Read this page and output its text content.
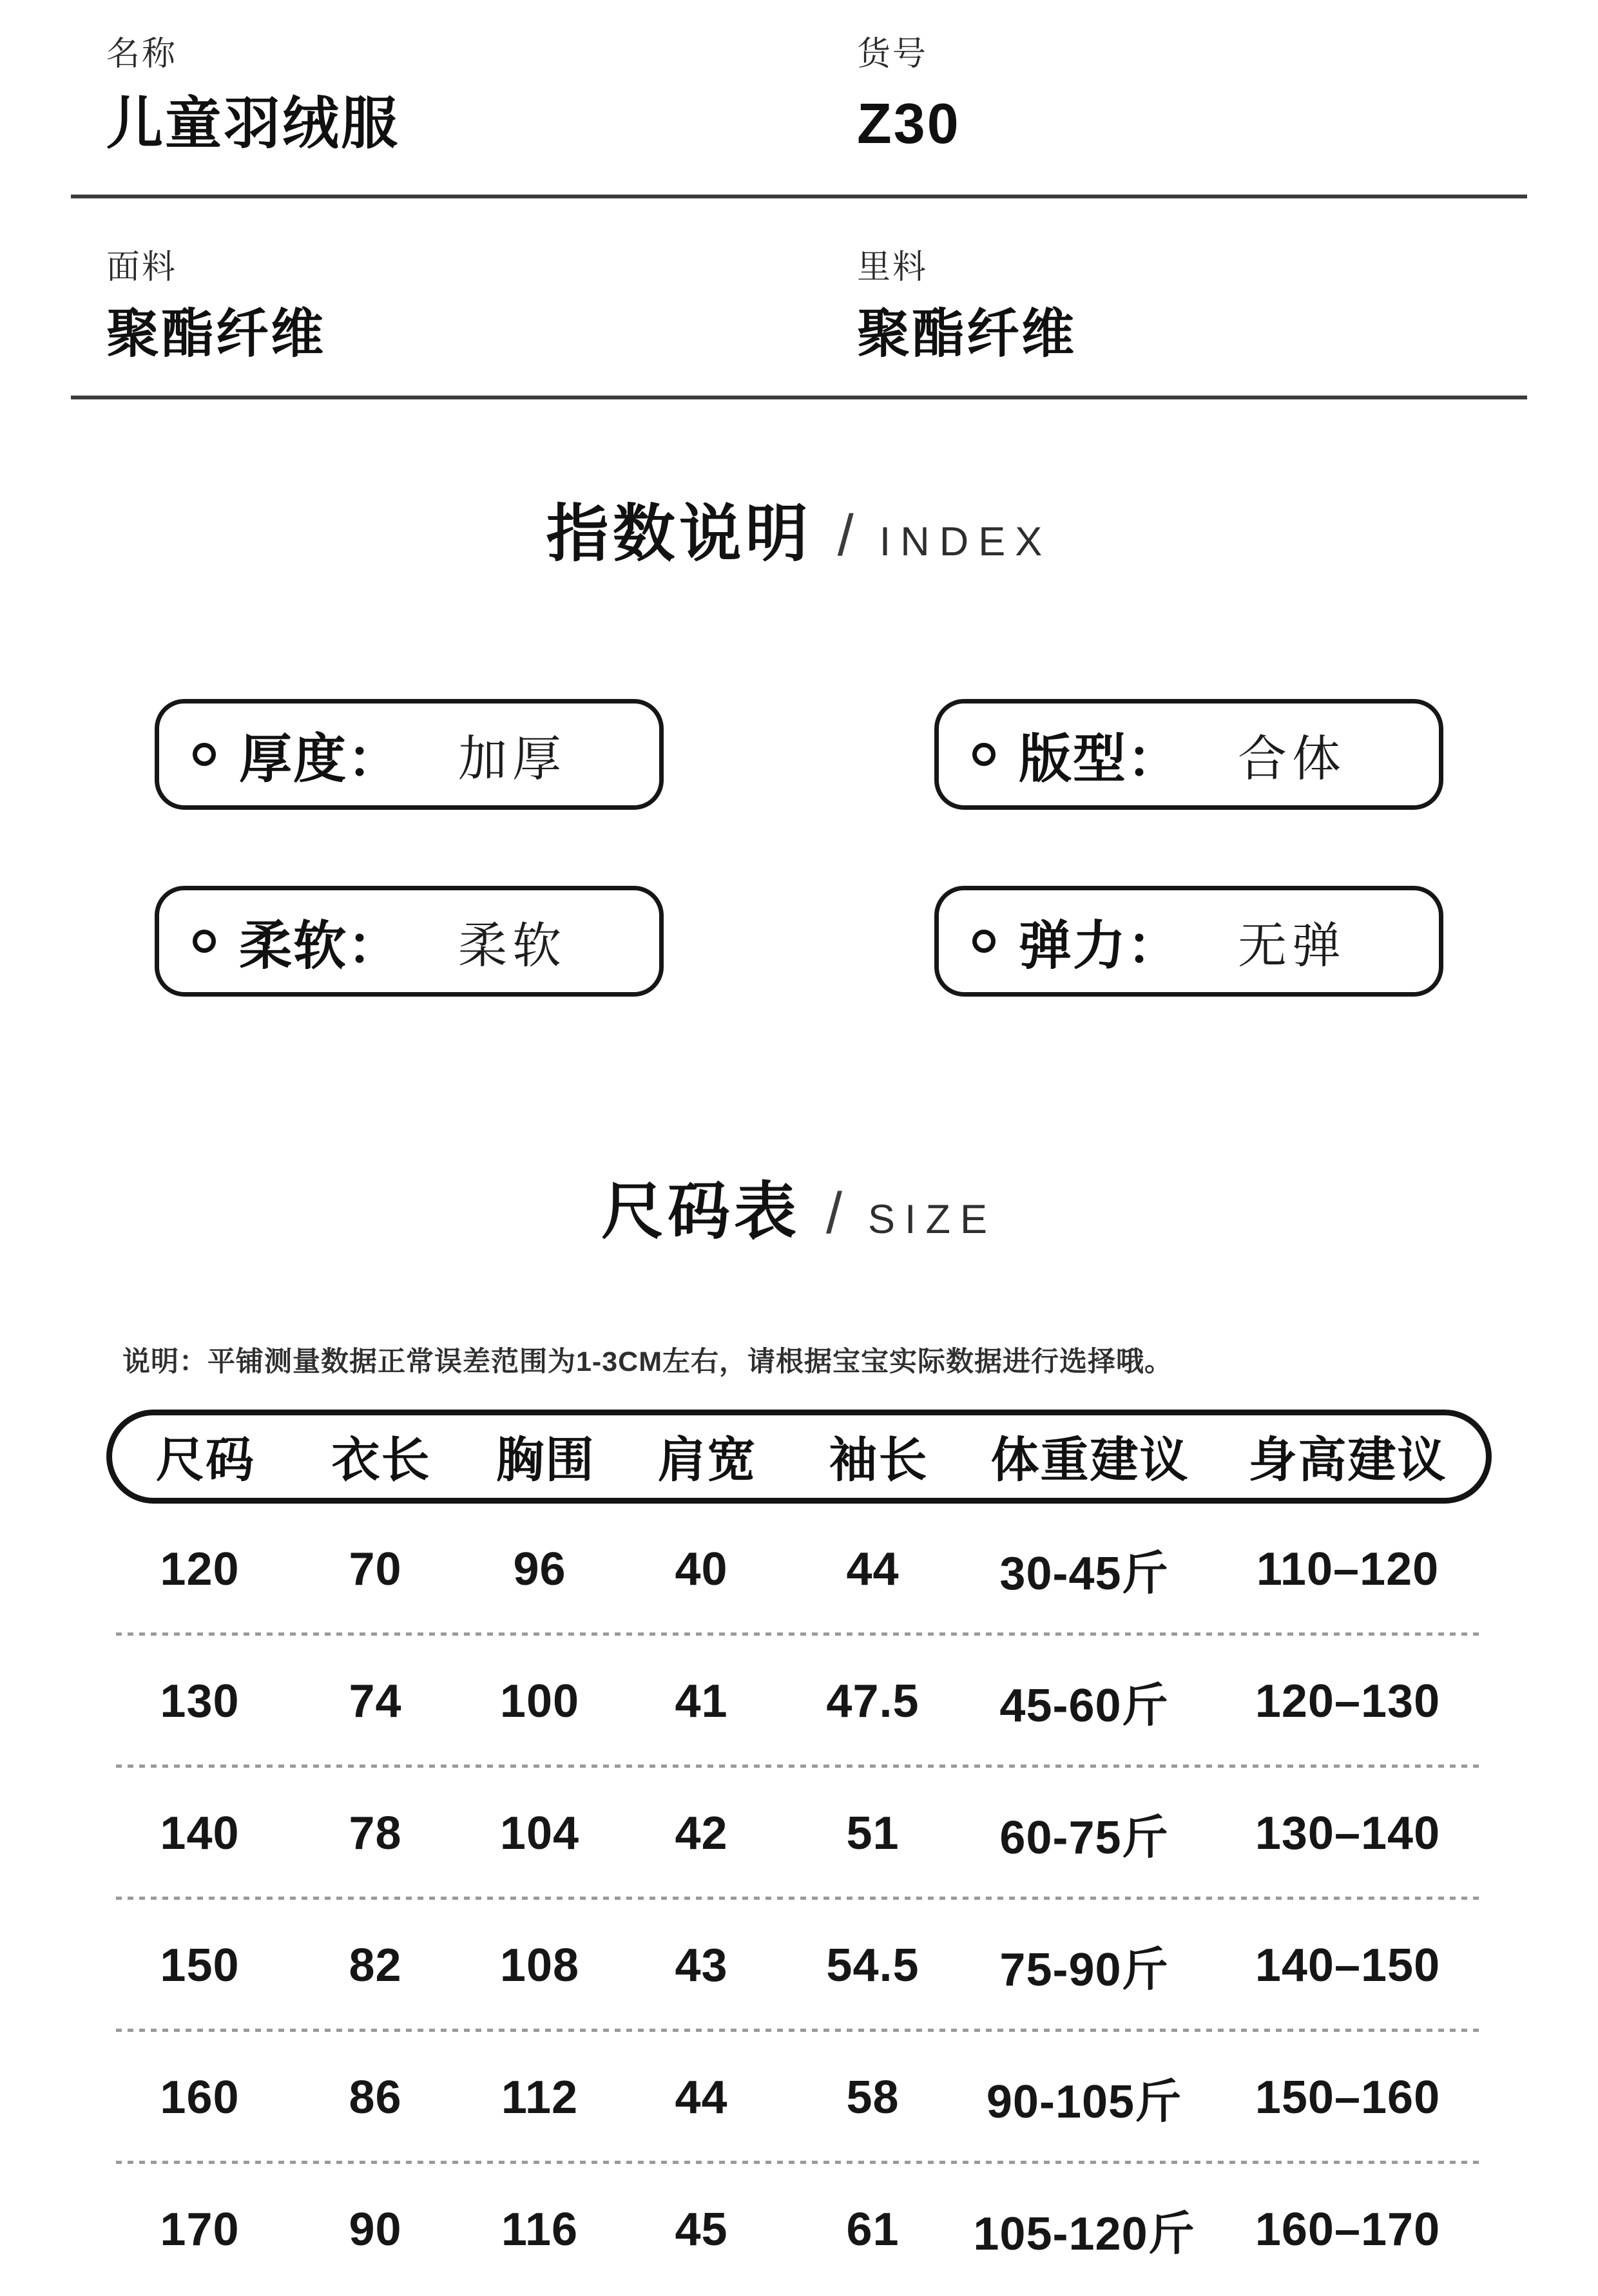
名称
儿童羽绒服
货号
Z30
面料
聚酯纤维
里料
聚酯纤维
指数说明 / INDEX
厚度： 加厚	版型： 合体
柔软： 柔软	弹力： 无弹
尺码表 / SIZE

说明：平铺测量数据正常误差范围为1-3CM左右，请根据宝宝实际数据进行选择哦。

尺码	衣长	胸围	肩宽	袖长	体重建议	身高建议
120	70	96	40	44	30-45斤	110–120
130	74	100	41	47.5	45-60斤	120–130
140	78	104	42	51	60-75斤	130–140
150	82	108	43	54.5	75-90斤	140–150
160	86	112	44	58	90-105斤	150–160
170	90	116	45	61	105-120斤	160–170
